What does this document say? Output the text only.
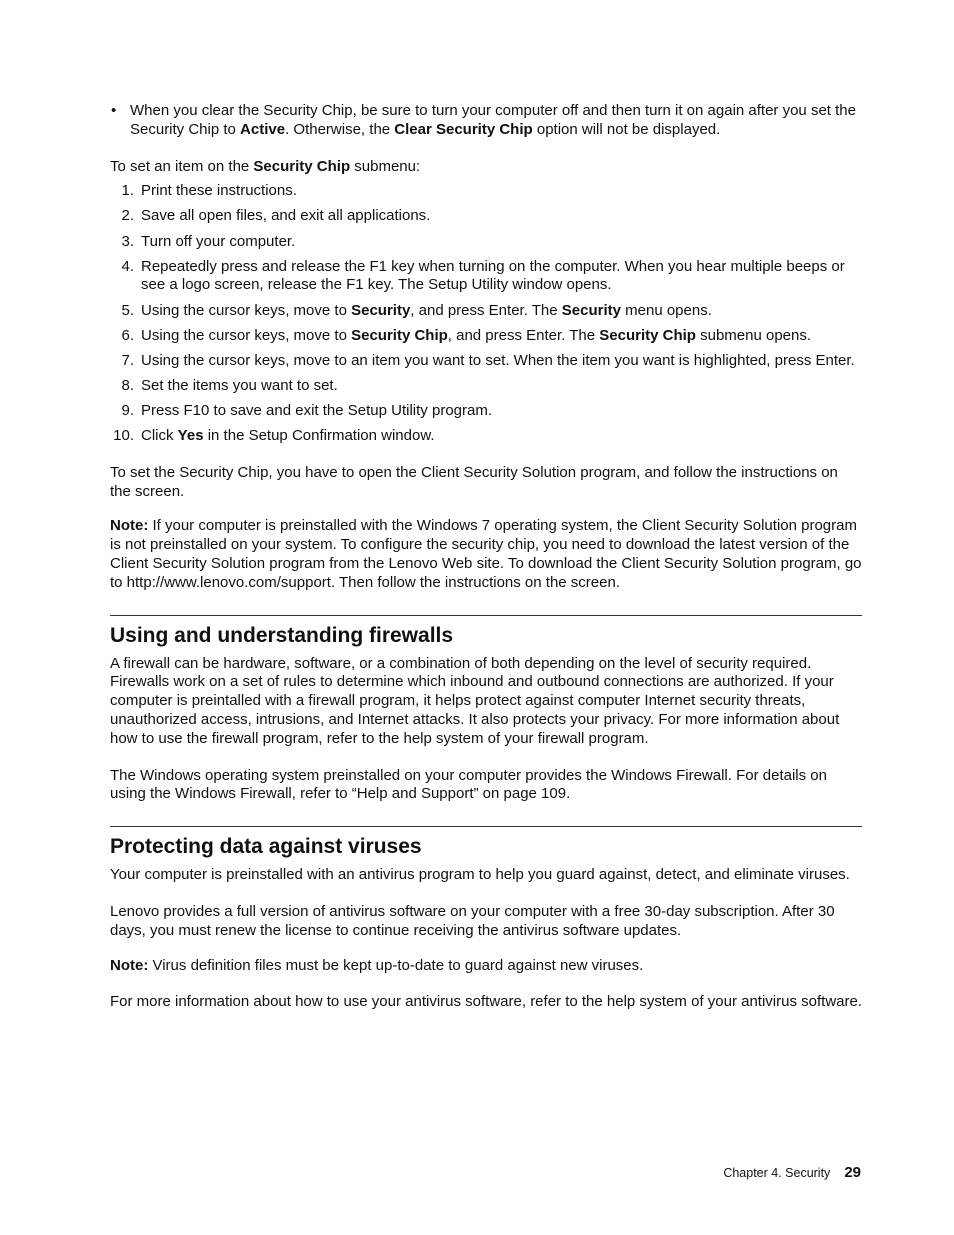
• When you clear the Security Chip, be sure to turn your computer off and then turn it on again after you set the Security Chip to Active. Otherwise, the Clear Security Chip option will not be displayed.

To set an item on the Security Chip submenu:

1. Print these instructions.
2. Save all open files, and exit all applications.
3. Turn off your computer.
4. Repeatedly press and release the F1 key when turning on the computer. When you hear multiple beeps or see a logo screen, release the F1 key. The Setup Utility window opens.
5. Using the cursor keys, move to Security, and press Enter. The Security menu opens.
6. Using the cursor keys, move to Security Chip, and press Enter. The Security Chip submenu opens.
7. Using the cursor keys, move to an item you want to set. When the item you want is highlighted, press Enter.
8. Set the items you want to set.
9. Press F10 to save and exit the Setup Utility program.
10. Click Yes in the Setup Confirmation window.

To set the Security Chip, you have to open the Client Security Solution program, and follow the instructions on the screen.

Note: If your computer is preinstalled with the Windows 7 operating system, the Client Security Solution program is not preinstalled on your system. To configure the security chip, you need to download the latest version of the Client Security Solution program from the Lenovo Web site. To download the Client Security Solution program, go to http://www.lenovo.com/support. Then follow the instructions on the screen.

Using and understanding firewalls

A firewall can be hardware, software, or a combination of both depending on the level of security required. Firewalls work on a set of rules to determine which inbound and outbound connections are authorized. If your computer is preintalled with a firewall program, it helps protect against computer Internet security threats, unauthorized access, intrusions, and Internet attacks. It also protects your privacy. For more information about how to use the firewall program, refer to the help system of your firewall program.

The Windows operating system preinstalled on your computer provides the Windows Firewall. For details on using the Windows Firewall, refer to “Help and Support” on page 109.

Protecting data against viruses

Your computer is preinstalled with an antivirus program to help you guard against, detect, and eliminate viruses.

Lenovo provides a full version of antivirus software on your computer with a free 30-day subscription. After 30 days, you must renew the license to continue receiving the antivirus software updates.

Note: Virus definition files must be kept up-to-date to guard against new viruses.

For more information about how to use your antivirus software, refer to the help system of your antivirus software.

Chapter 4. Security 29
